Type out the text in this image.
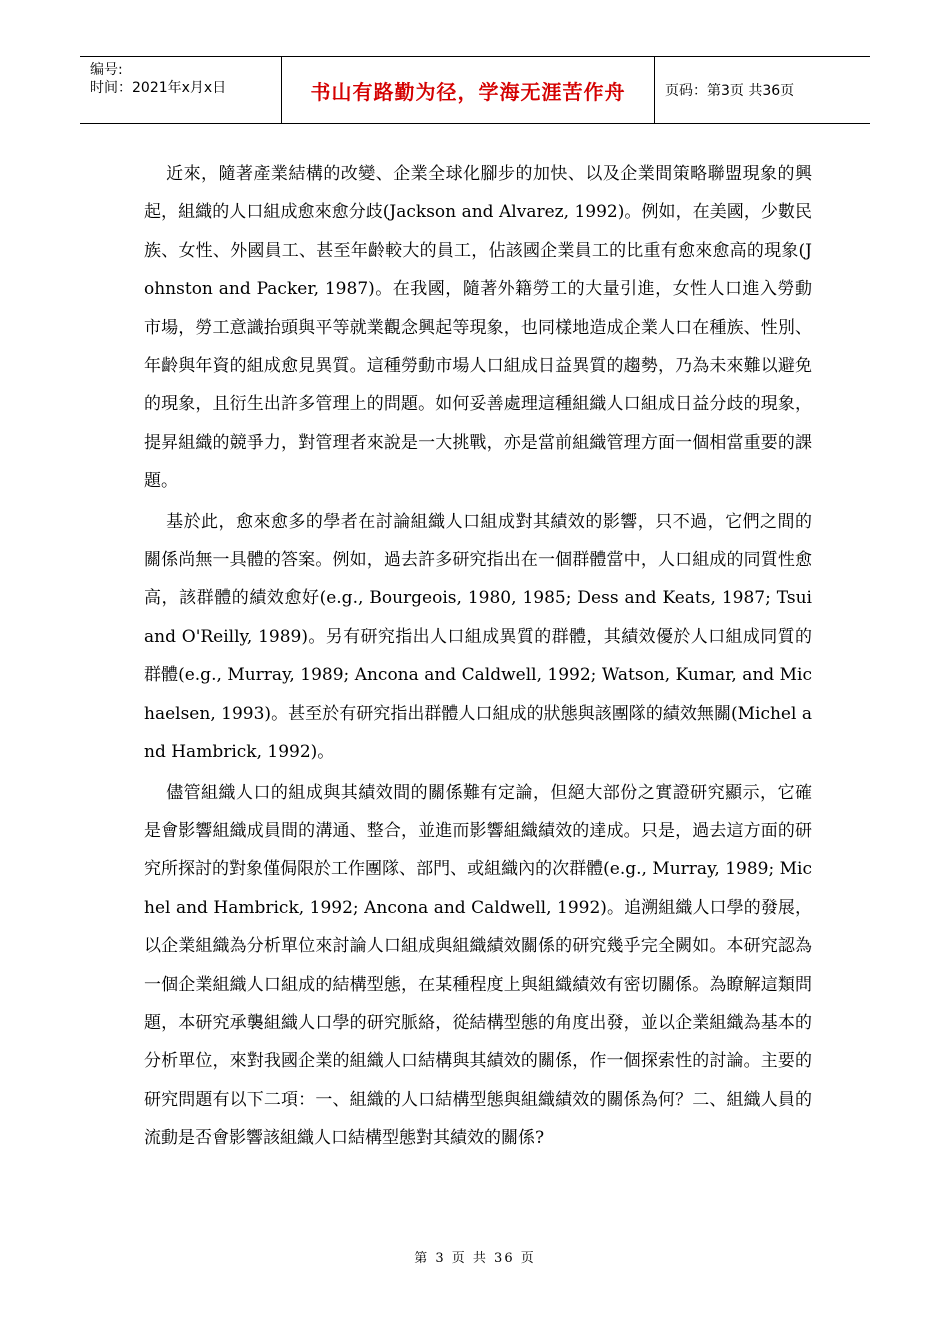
编号:
时间：2021年x月x日	书山有路勤为径，学海无涯苦作舟	页码：第3页 共36页

近來，隨著產業結構的改變、企業全球化腳步的加快、以及企業間策略聯盟現象的興起，組織的人口組成愈來愈分歧(Jackson and Alvarez, 1992)。例如，在美國，少數民族、女性、外國員工、甚至年齡較大的員工，佔該國企業員工的比重有愈來愈高的現象(Johnston and Packer, 1987)。在我國，隨著外籍勞工的大量引進，女性人口進入勞動市場，勞工意識抬頭與平等就業觀念興起等現象，也同樣地造成企業人口在種族、性別、年齡與年資的組成愈見異質。這種勞動市場人口組成日益異質的趨勢，乃為未來難以避免的現象，且衍生出許多管理上的問題。如何妥善處理這種組織人口組成日益分歧的現象，提昇組織的競爭力，對管理者來說是一大挑戰，亦是當前組織管理方面一個相當重要的課題。

基於此，愈來愈多的學者在討論組織人口組成對其績效的影響，只不過，它們之間的關係尚無一具體的答案。例如，過去許多研究指出在一個群體當中，人口組成的同質性愈高，該群體的績效愈好(e.g., Bourgeois, 1980, 1985; Dess and Keats, 1987; Tsui and O'Reilly, 1989)。另有研究指出人口組成異質的群體，其績效優於人口組成同質的群體(e.g., Murray, 1989; Ancona and Caldwell, 1992; Watson, Kumar, and Michaelsen, 1993)。甚至於有研究指出群體人口組成的狀態與該團隊的績效無關(Michel and Hambrick, 1992)。

儘管組織人口的組成與其績效間的關係難有定論，但絕大部份之實證研究顯示，它確是會影響組織成員間的溝通、整合，並進而影響組織績效的達成。只是，過去這方面的研究所探討的對象僅侷限於工作團隊、部門、或組織內的次群體(e.g., Murray, 1989; Michel and Hambrick, 1992; Ancona and Caldwell, 1992)。追溯組織人口學的發展，以企業組織為分析單位來討論人口組成與組織績效關係的研究幾乎完全闕如。本研究認為一個企業組織人口組成的結構型態，在某種程度上與組織績效有密切關係。為瞭解這類問題，本研究承襲組織人口學的研究脈絡，從結構型態的角度出發，並以企業組織為基本的分析單位，來對我國企業的組織人口結構與其績效的關係，作一個探索性的討論。主要的研究問題有以下二項：一、組織的人口結構型態與組織績效的關係為何？二、組織人員的流動是否會影響該組織人口結構型態對其績效的關係?

第 3 页 共 36 页
